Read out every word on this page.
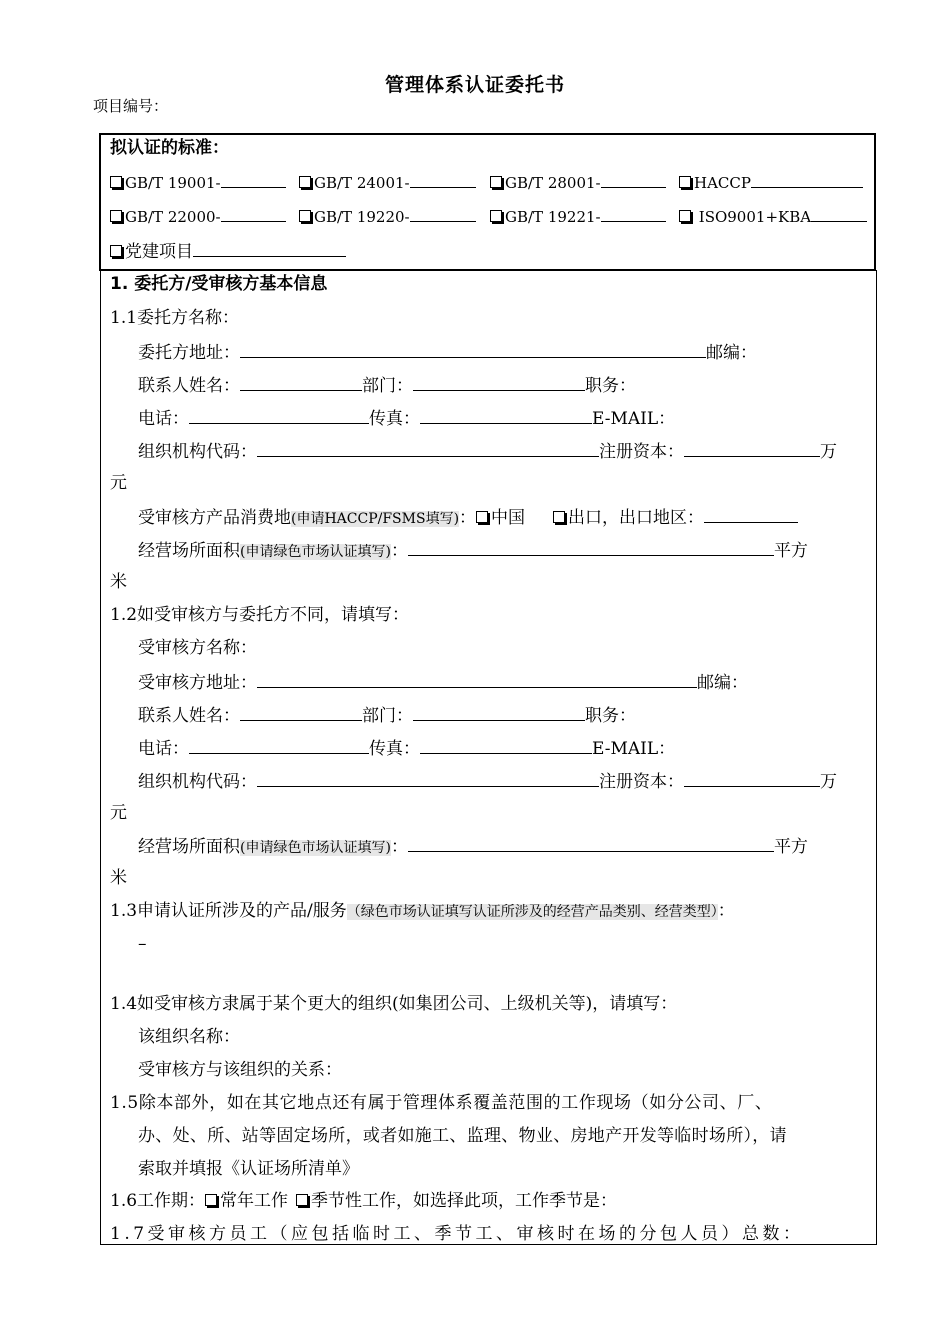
管理体系认证委托书
项目编号：
拟认证的标准：
GB/T 19001-	GB/T 24001-	GB/T 28001-	HACCP
GB/T 22000-	GB/T 19220-	GB/T 19221-	ISO9001+KBA
党建项目
1. 委托方/受审核方基本信息
1.1委托方名称：
委托方地址：	邮编：
联系人姓名：	部门：	职务：
电话：	传真：	E-MAIL：
组织机构代码：	注册资本：	万
元
受审核方产品消费地(申请HACCP/FSMS填写)： 中国	出口，出口地区：
经营场所面积(申请绿色市场认证填写)：	平方
米
1.2如受审核方与委托方不同，请填写：
受审核方名称：
受审核方地址：	邮编：
联系人姓名：	部门：	职务：
电话：	传真：	E-MAIL：
组织机构代码：	注册资本：	万
元
经营场所面积(申请绿色市场认证填写)：	平方
米
1.3申请认证所涉及的产品/服务（绿色市场认证填写认证所涉及的经营产品类别、经营类型）：
–
1.4如受审核方隶属于某个更大的组织(如集团公司、上级机关等)，请填写：
该组织名称：
受审核方与该组织的关系：
1.5除本部外，如在其它地点还有属于管理体系覆盖范围的工作现场（如分公司、厂、
办、处、所、站等固定场所，或者如施工、监理、物业、房地产开发等临时场所），请
索取并填报《认证场所清单》
1.6工作期： 常年工作 季节性工作，如选择此项，工作季节是：
1.7受审核方员工（应包括临时工、季节工、审核时在场的分包人员）总数：
